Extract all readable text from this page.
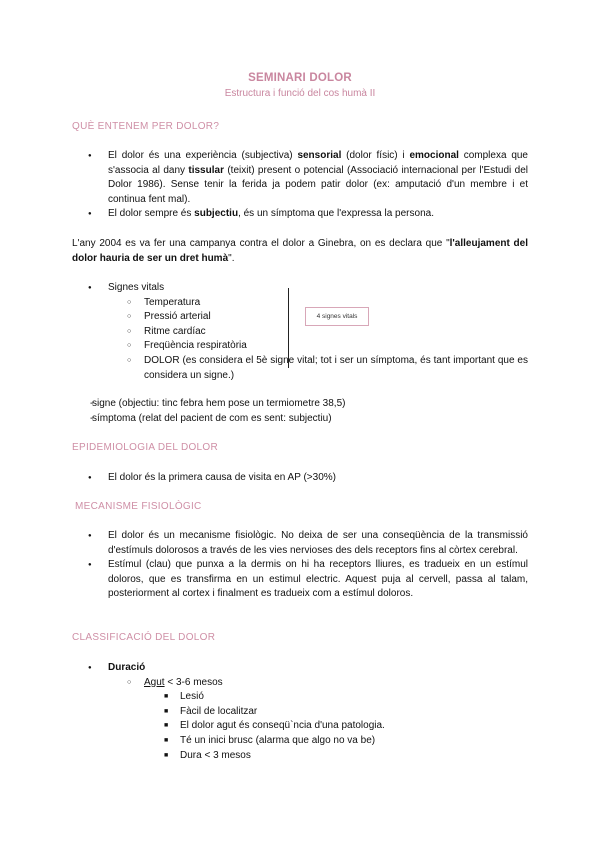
SEMINARI DOLOR
Estructura i funció del cos humà II
QUÈ ENTENEM PER DOLOR?
● El dolor és una experiència (subjectiva) sensorial (dolor físic) i emocional complexa que s'associa al dany tissular (teixit) present o potencial (Associació internacional per l'Estudi del Dolor 1986). Sense tenir la ferida ja podem patir dolor (ex: amputació d'un membre i et continua fent mal).
● El dolor sempre és subjectiu, és un símptoma que l'expressa la persona.
L'any 2004 es va fer una campanya contra el dolor a Ginebra, on es declara que "l'alleujament del dolor hauria de ser un dret humà".
● Signes vitals
○ Temperatura
○ Pressió arterial
○ Ritme cardíac
○ Freqüència respiratòria
○ DOLOR (es considera el 5è signe vital; tot i ser un símptoma, és tant important que es considera un signe.)
4 signes vitals
- signe (objectiu: tinc febra hem pose un termiometre 38,5)
- símptoma (relat del pacient de com es sent: subjectiu)
EPIDEMIOLOGIA DEL DOLOR
● El dolor és la primera causa de visita en AP (>30%)
MECANISME FISIOLÒGIC
● El dolor és un mecanisme fisiològic. No deixa de ser una conseqüència de la transmissió d'estímuls dolorosos a través de les vies nervioses des dels receptors fins al còrtex cerebral.
● Estímul (clau) que punxa a la dermis on hi ha receptors lliures, es tradueix en un estímul doloros, que es transfirma en un estimul electric. Aquest puja al cervell, passa al talam, posteriorment al cortex i finalment es tradueix com a estímul doloros.
CLASSIFICACIÓ DEL DOLOR
● Duració
○ Agut < 3-6 mesos
■ Lesió
■ Fàcil de localitzar
■ El dolor agut és conseqü`ncia d'una patologia.
■ Té un inici brusc (alarma que algo no va be)
■ Dura < 3 mesos
